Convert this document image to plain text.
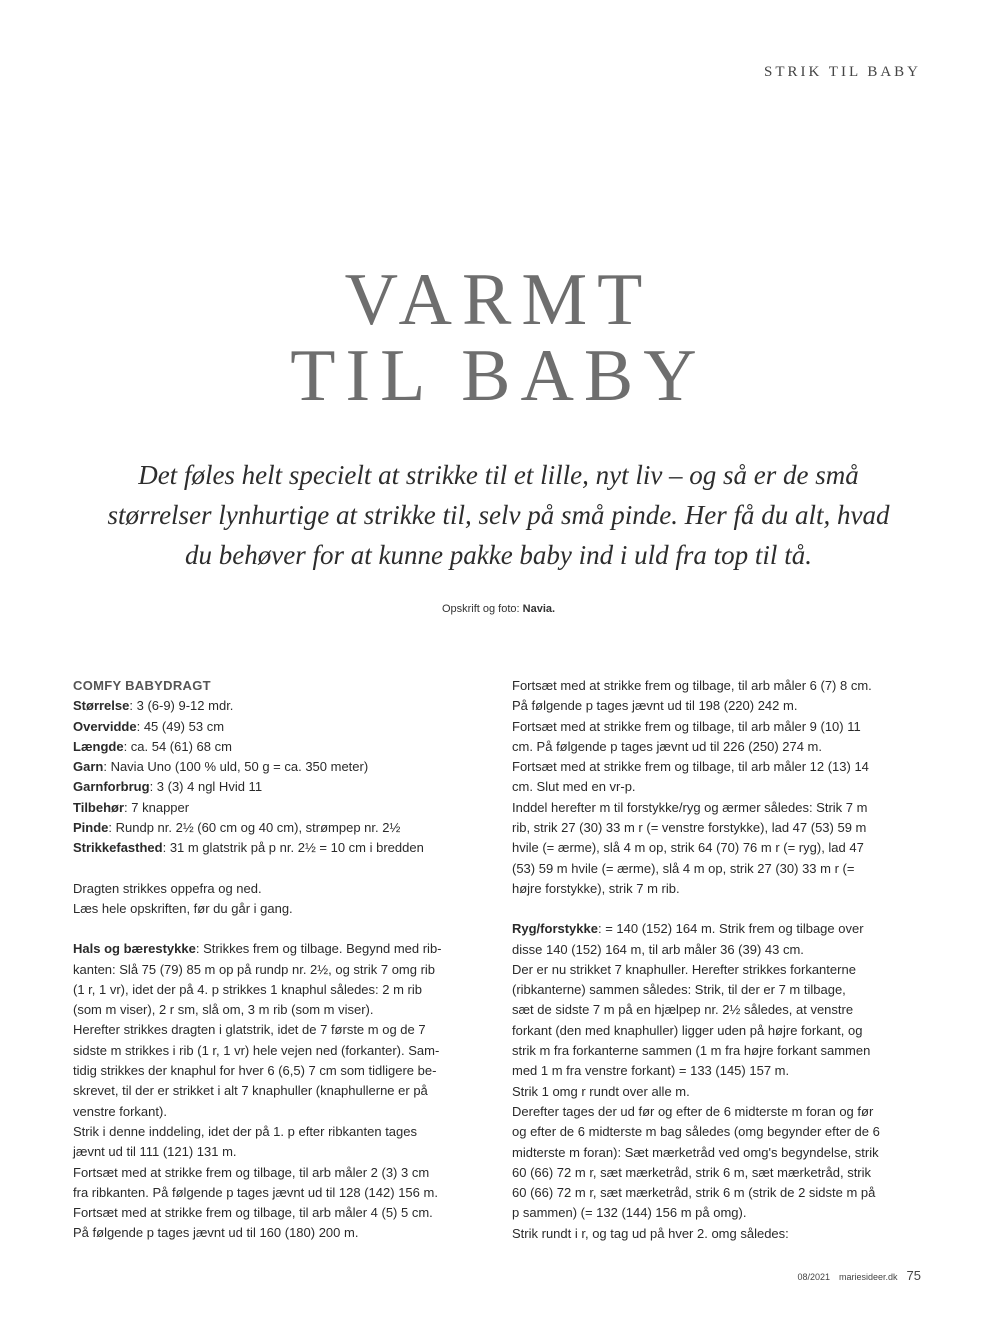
STRIK TIL BABY
VARMT
TIL BABY
Det føles helt specielt at strikke til et lille, nyt liv – og så er de små
størrelser lynhurtige at strikke til, selv på små pinde. Her få du alt, hvad
du behøver for at kunne pakke baby ind i uld fra top til tå.
Opskrift og foto: Navia.

COMFY BABYDRAGT

Størrelse: 3 (6-9) 9-12 mdr.

Overvidde: 45 (49) 53 cm

Længde: ca. 54 (61) 68 cm

Garn: Navia Uno (100 % uld, 50 g = ca. 350 meter)

Garnforbrug: 3 (3) 4 ngl Hvid 11

Tilbehør: 7 knapper

Pinde: Rundp nr. 2½ (60 cm og 40 cm), strømpep nr. 2½

Strikkefasthed: 31 m glatstrik på p nr. 2½ = 10 cm i bredden

Dragten strikkes oppefra og ned.

Læs hele opskriften, før du går i gang.

Hals og bærestykke: Strikkes frem og tilbage. Begynd med rib-

kanten: Slå 75 (79) 85 m op på rundp nr. 2½, og strik 7 omg rib

(1 r, 1 vr), idet der på 4. p strikkes 1 knaphul således: 2 m rib

(som m viser), 2 r sm, slå om, 3 m rib (som m viser).

Herefter strikkes dragten i glatstrik, idet de 7 første m og de 7

sidste m strikkes i rib (1 r, 1 vr) hele vejen ned (forkanter). Sam-

tidig strikkes der knaphul for hver 6 (6,5) 7 cm som tidligere be-

skrevet, til der er strikket i alt 7 knaphuller (knaphullerne er på

venstre forkant).

Strik i denne inddeling, idet der på 1. p efter ribkanten tages

jævnt ud til 111 (121) 131 m.

Fortsæt med at strikke frem og tilbage, til arb måler 2 (3) 3 cm

fra ribkanten. På følgende p tages jævnt ud til 128 (142) 156 m.

Fortsæt med at strikke frem og tilbage, til arb måler 4 (5) 5 cm.

På følgende p tages jævnt ud til 160 (180) 200 m.

Fortsæt med at strikke frem og tilbage, til arb måler 6 (7) 8 cm.

På følgende p tages jævnt ud til 198 (220) 242 m.

Fortsæt med at strikke frem og tilbage, til arb måler 9 (10) 11

cm. På følgende p tages jævnt ud til 226 (250) 274 m.

Fortsæt med at strikke frem og tilbage, til arb måler 12 (13) 14

cm. Slut med en vr-p.

Inddel herefter m til forstykke/ryg og ærmer således: Strik 7 m

rib, strik 27 (30) 33 m r (= venstre forstykke), lad 47 (53) 59 m

hvile (= ærme), slå 4 m op, strik 64 (70) 76 m r (= ryg), lad 47

(53) 59 m hvile (= ærme), slå 4 m op, strik 27 (30) 33 m r (=

højre forstykke), strik 7 m rib.

Ryg/forstykke: = 140 (152) 164 m. Strik frem og tilbage over

disse 140 (152) 164 m, til arb måler 36 (39) 43 cm.

Der er nu strikket 7 knaphuller. Herefter strikkes forkanterne

(ribkanterne) sammen således: Strik, til der er 7 m tilbage,

sæt de sidste 7 m på en hjælpep nr. 2½ således, at venstre

forkant (den med knaphuller) ligger uden på højre forkant, og

strik m fra forkanterne sammen (1 m fra højre forkant sammen

med 1 m fra venstre forkant) = 133 (145) 157 m.

Strik 1 omg r rundt over alle m.

Derefter tages der ud før og efter de 6 midterste m foran og før

og efter de 6 midterste m bag således (omg begynder efter de 6

midterste m foran): Sæt mærketråd ved omg's begyndelse, strik

60 (66) 72 m r, sæt mærketråd, strik 6 m, sæt mærketråd, strik

60 (66) 72 m r, sæt mærketråd, strik 6 m (strik de 2 sidste m på

p sammen) (= 132 (144) 156 m på omg).

Strik rundt i r, og tag ud på hver 2. omg således:

08/2021 mariesideer.dk 75
